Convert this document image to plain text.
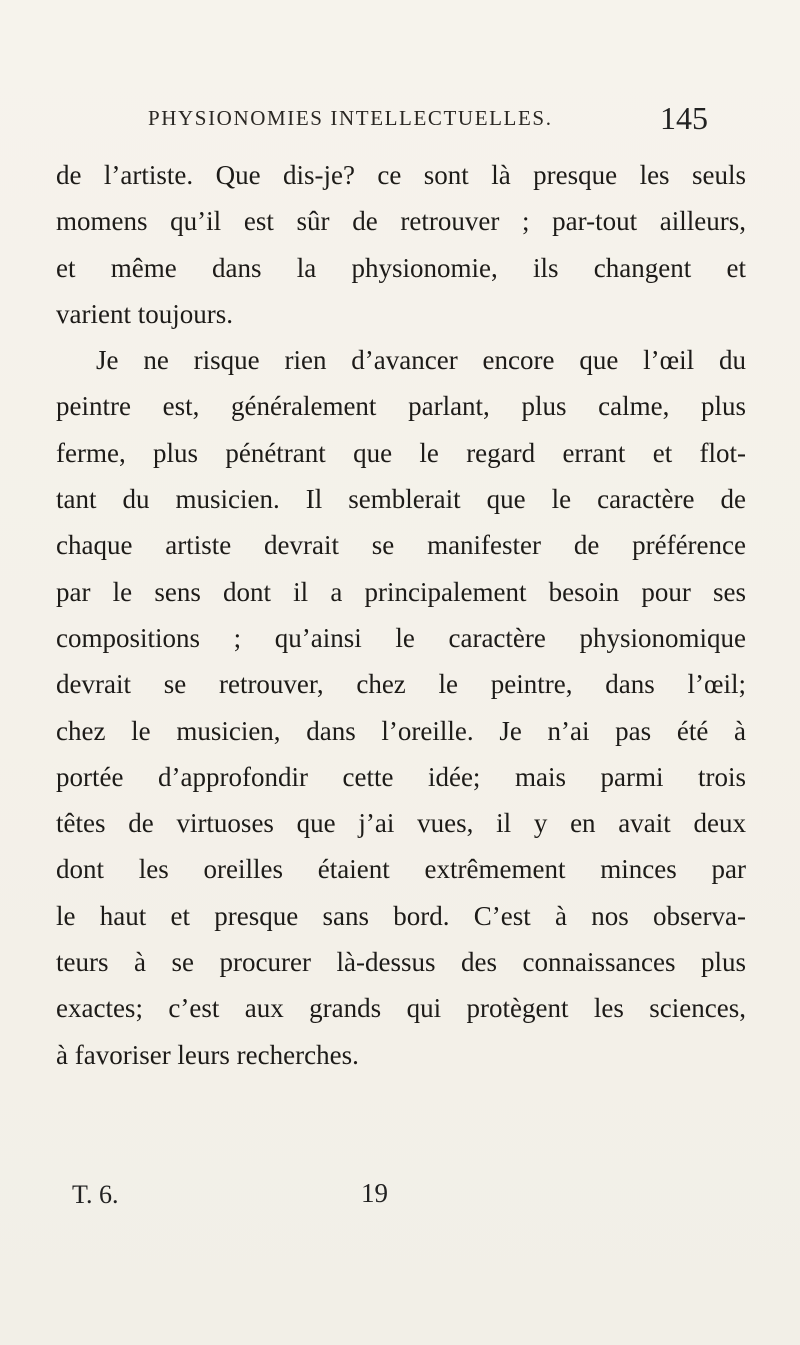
PHYSIONOMIES INTELLECTUELLES.	145
de l’artiste. Que dis-je? ce sont là presque les seuls
momens qu’il est sûr de retrouver ; par-tout ailleurs,
et même dans la physionomie, ils changent et
varient toujours.
Je ne risque rien d’avancer encore que l’œil du
peintre est, généralement parlant, plus calme, plus
ferme, plus pénétrant que le regard errant et flot-
tant du musicien. Il semblerait que le caractère de
chaque artiste devrait se manifester de préférence
par le sens dont il a principalement besoin pour ses
compositions ; qu’ainsi le caractère physionomique
devrait se retrouver, chez le peintre, dans l’œil;
chez le musicien, dans l’oreille. Je n’ai pas été à
portée d’approfondir cette idée; mais parmi trois
têtes de virtuoses que j’ai vues, il y en avait deux
dont les oreilles étaient extrêmement minces par
le haut et presque sans bord. C’est à nos observa-
teurs à se procurer là-dessus des connaissances plus
exactes; c’est aux grands qui protègent les sciences,
à favoriser leurs recherches.
T. 6.	19
